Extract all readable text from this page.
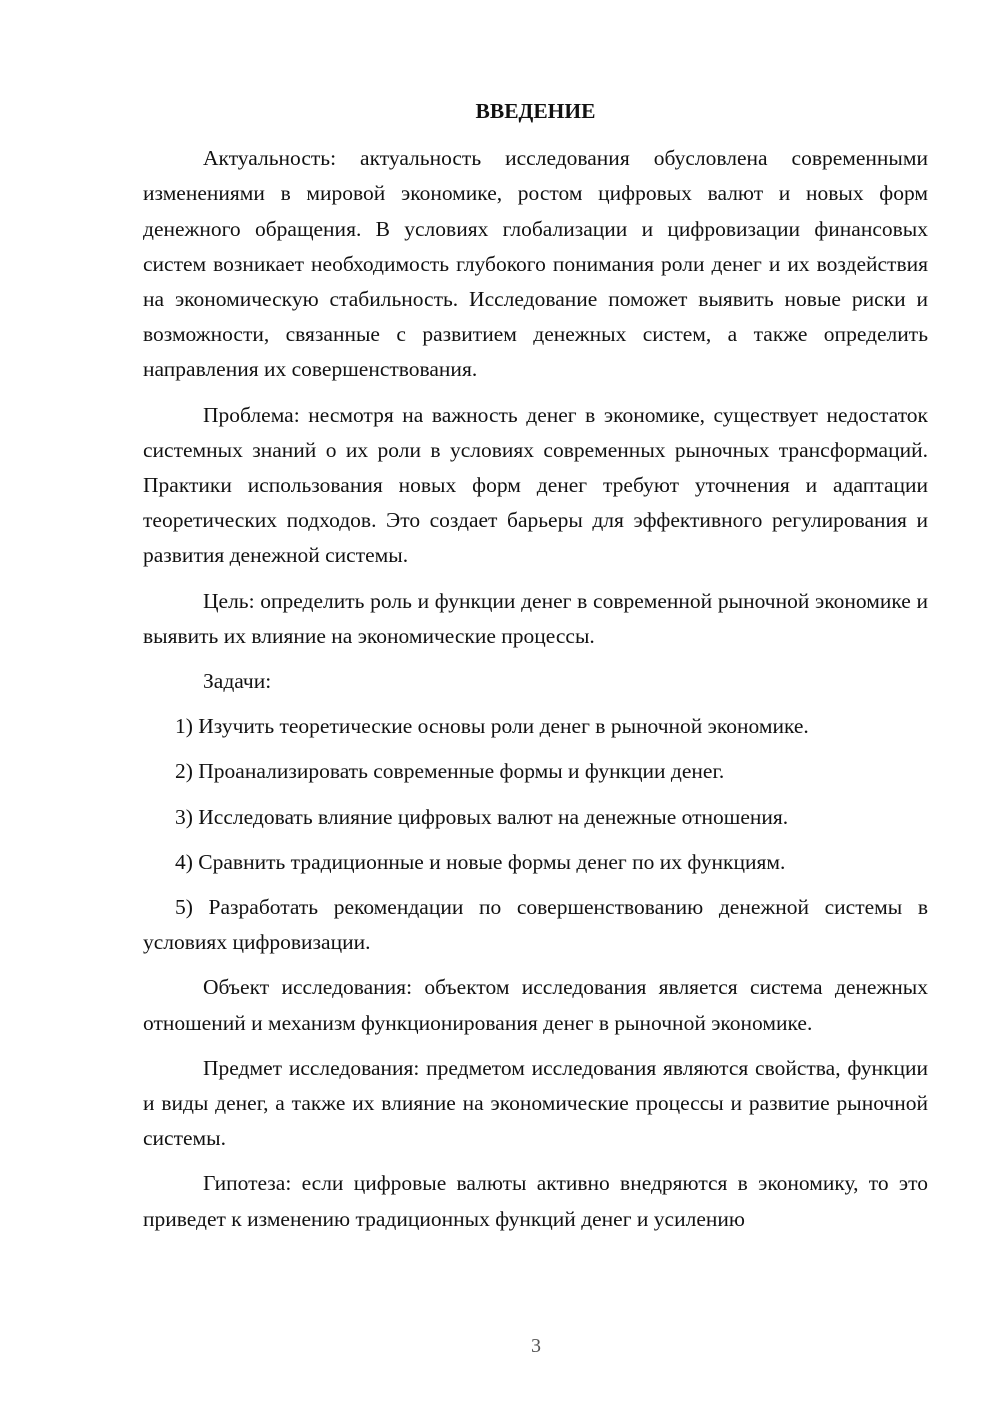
ВВЕДЕНИЕ

Актуальность: актуальность исследования обусловлена современными изменениями в мировой экономике, ростом цифровых валют и новых форм денежного обращения. В условиях глобализации и цифровизации финансовых систем возникает необходимость глубокого понимания роли денег и их воздействия на экономическую стабильность. Исследование поможет выявить новые риски и возможности, связанные с развитием денежных систем, а также определить направления их совершенствования.

Проблема: несмотря на важность денег в экономике, существует недостаток системных знаний о их роли в условиях современных рыночных трансформаций. Практики использования новых форм денег требуют уточнения и адаптации теоретических подходов. Это создает барьеры для эффективного регулирования и развития денежной системы.

Цель: определить роль и функции денег в современной рыночной экономике и выявить их влияние на экономические процессы.

Задачи:

1) Изучить теоретические основы роли денег в рыночной экономике.

2) Проанализировать современные формы и функции денег.

3) Исследовать влияние цифровых валют на денежные отношения.

4) Сравнить традиционные и новые формы денег по их функциям.

5) Разработать рекомендации по совершенствованию денежной системы в условиях цифровизации.

Объект исследования: объектом исследования является система денежных отношений и механизм функционирования денег в рыночной экономике.

Предмет исследования: предметом исследования являются свойства, функции и виды денег, а также их влияние на экономические процессы и развитие рыночной системы.

Гипотеза: если цифровые валюты активно внедряются в экономику, то это приведет к изменению традиционных функций денег и усилению

3
